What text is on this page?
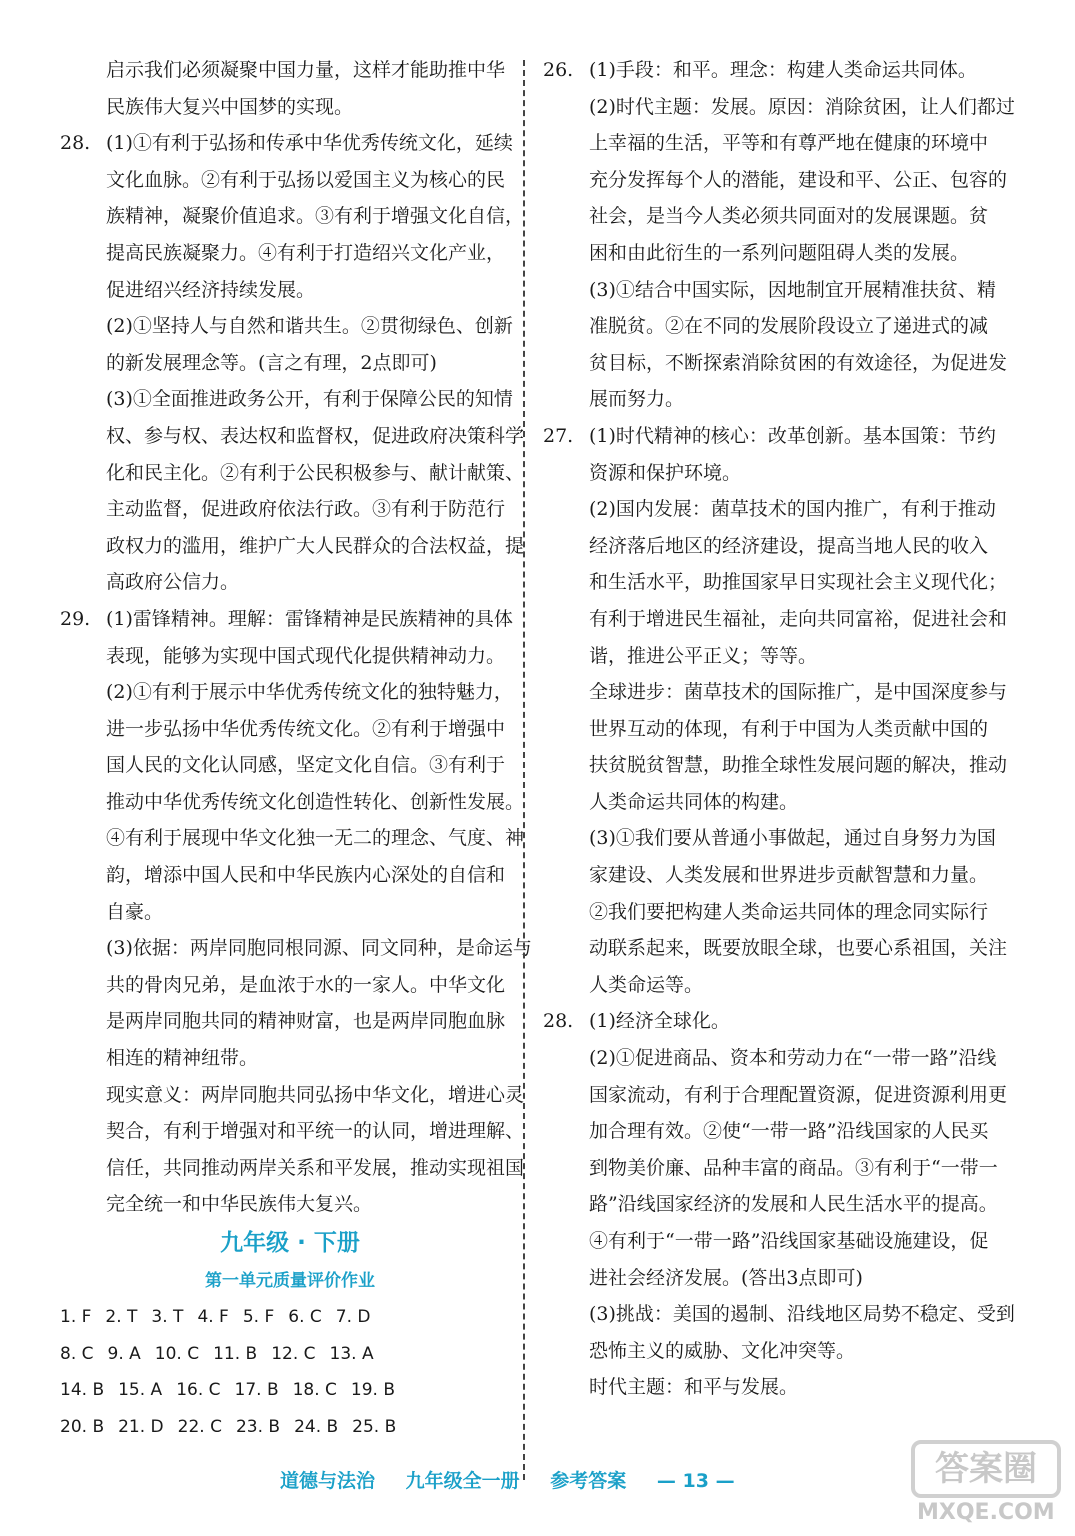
启示我们必须凝聚中国力量，这样才能助推中华
民族伟大复兴中国梦的实现。
28. (1)①有利于弘扬和传承中华优秀传统文化，延续
文化血脉。②有利于弘扬以爱国主义为核心的民
族精神，凝聚价值追求。③有利于增强文化自信，
提高民族凝聚力。④有利于打造绍兴文化产业，
促进绍兴经济持续发展。
(2)①坚持人与自然和谐共生。②贯彻绿色、创新
的新发展理念等。(言之有理，2点即可)
(3)①全面推进政务公开，有利于保障公民的知情
权、参与权、表达权和监督权，促进政府决策科学
化和民主化。②有利于公民积极参与、献计献策、
主动监督，促进政府依法行政。③有利于防范行
政权力的滥用，维护广大人民群众的合法权益，提
高政府公信力。
29. (1)雷锋精神。理解：雷锋精神是民族精神的具体
表现，能够为实现中国式现代化提供精神动力。
(2)①有利于展示中华优秀传统文化的独特魅力，
进一步弘扬中华优秀传统文化。②有利于增强中
国人民的文化认同感，坚定文化自信。③有利于
推动中华优秀传统文化创造性转化、创新性发展。
④有利于展现中华文化独一无二的理念、气度、神
韵，增添中国人民和中华民族内心深处的自信和
自豪。
(3)依据：两岸同胞同根同源、同文同种，是命运与
共的骨肉兄弟，是血浓于水的一家人。中华文化
是两岸同胞共同的精神财富，也是两岸同胞血脉
相连的精神纽带。
现实意义：两岸同胞共同弘扬中华文化，增进心灵
契合，有利于增强对和平统一的认同，增进理解、
信任，共同推动两岸关系和平发展，推动实现祖国
完全统一和中华民族伟大复兴。
九年级 · 下册
第一单元质量评价作业
1. F 2. T 3. T 4. F 5. F 6. C 7. D
8. C 9. A 10. C 11. B 12. C 13. A
14. B 15. A 16. C 17. B 18. C 19. B
20. B 21. D 22. C 23. B 24. B 25. B
26. (1)手段：和平。理念：构建人类命运共同体。
(2)时代主题：发展。原因：消除贫困，让人们都过
上幸福的生活，平等和有尊严地在健康的环境中
充分发挥每个人的潜能，建设和平、公正、包容的
社会，是当今人类必须共同面对的发展课题。贫
困和由此衍生的一系列问题阻碍人类的发展。
(3)①结合中国实际，因地制宜开展精准扶贫、精
准脱贫。②在不同的发展阶段设立了递进式的减
贫目标，不断探索消除贫困的有效途径，为促进发
展而努力。
27. (1)时代精神的核心：改革创新。基本国策：节约
资源和保护环境。
(2)国内发展：菌草技术的国内推广，有利于推动
经济落后地区的经济建设，提高当地人民的收入
和生活水平，助推国家早日实现社会主义现代化；
有利于增进民生福祉，走向共同富裕，促进社会和
谐，推进公平正义；等等。
全球进步：菌草技术的国际推广，是中国深度参与
世界互动的体现，有利于中国为人类贡献中国的
扶贫脱贫智慧，助推全球性发展问题的解决，推动
人类命运共同体的构建。
(3)①我们要从普通小事做起，通过自身努力为国
家建设、人类发展和世界进步贡献智慧和力量。
②我们要把构建人类命运共同体的理念同实际行
动联系起来，既要放眼全球，也要心系祖国，关注
人类命运等。
28. (1)经济全球化。
(2)①促进商品、资本和劳动力在“一带一路”沿线
国家流动，有利于合理配置资源，促进资源利用更
加合理有效。②使“一带一路”沿线国家的人民买
到物美价廉、品种丰富的商品。③有利于“一带一
路”沿线国家经济的发展和人民生活水平的提高。
④有利于“一带一路”沿线国家基础设施建设，促
进社会经济发展。(答出3点即可)
(3)挑战：美国的遏制、沿线地区局势不稳定、受到
恐怖主义的威胁、文化冲突等。
时代主题：和平与发展。
道德与法治 九年级全一册 参考答案 — 13 —	答案圈
MXQE.COM
